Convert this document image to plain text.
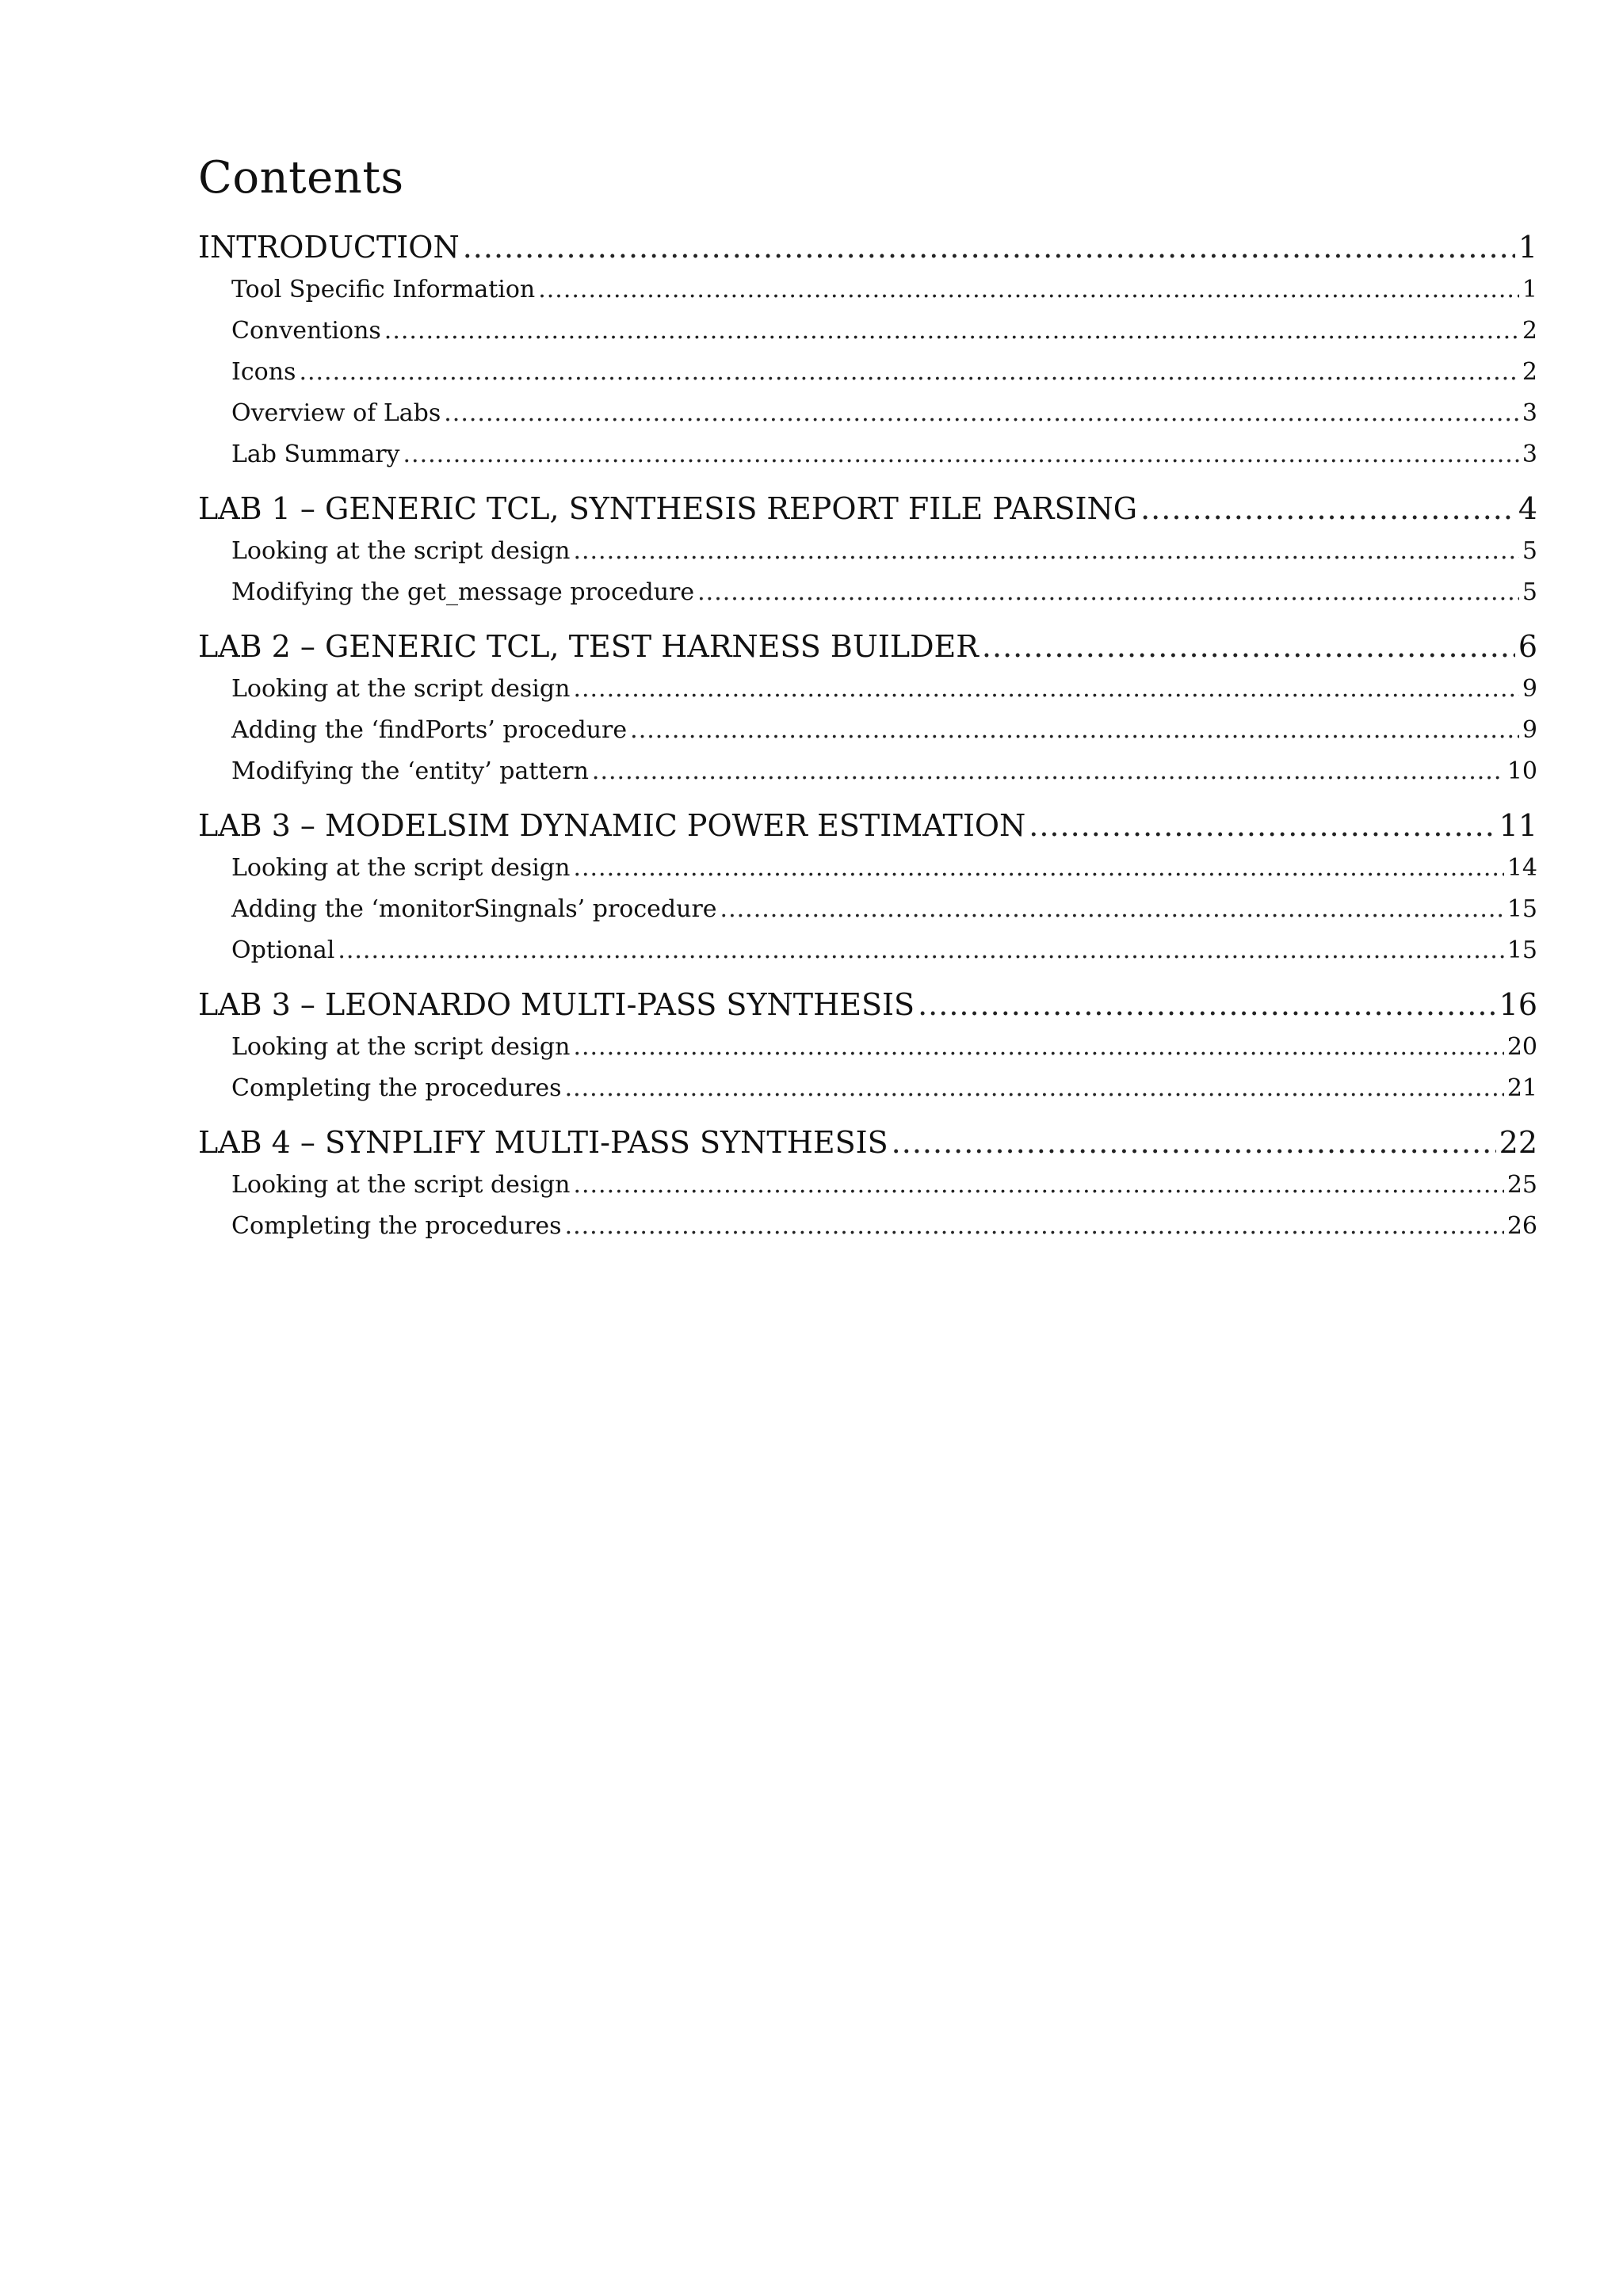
Contents
INTRODUCTION .....	1
Tool Specific Information .....	1
Conventions .....	2
Icons .....	2
Overview of Labs .....	3
Lab Summary .....	3
LAB 1 – GENERIC TCL, SYNTHESIS REPORT FILE PARSING .....	4
Looking at the script design .....	5
Modifying the get_message procedure .....	5
LAB 2 – GENERIC TCL, TEST HARNESS BUILDER .....	6
Looking at the script design .....	9
Adding the ‘findPorts’ procedure .....	9
Modifying the ‘entity’ pattern .....	10
LAB 3 – MODELSIM DYNAMIC POWER ESTIMATION .....	11
Looking at the script design .....	14
Adding the ‘monitorSingnals’ procedure .....	15
Optional .....	15
LAB 3 – LEONARDO MULTI-PASS SYNTHESIS .....	16
Looking at the script design .....	20
Completing the procedures .....	21
LAB 4 – SYNPLIFY MULTI-PASS SYNTHESIS .....	22
Looking at the script design .....	25
Completing the procedures .....	26
